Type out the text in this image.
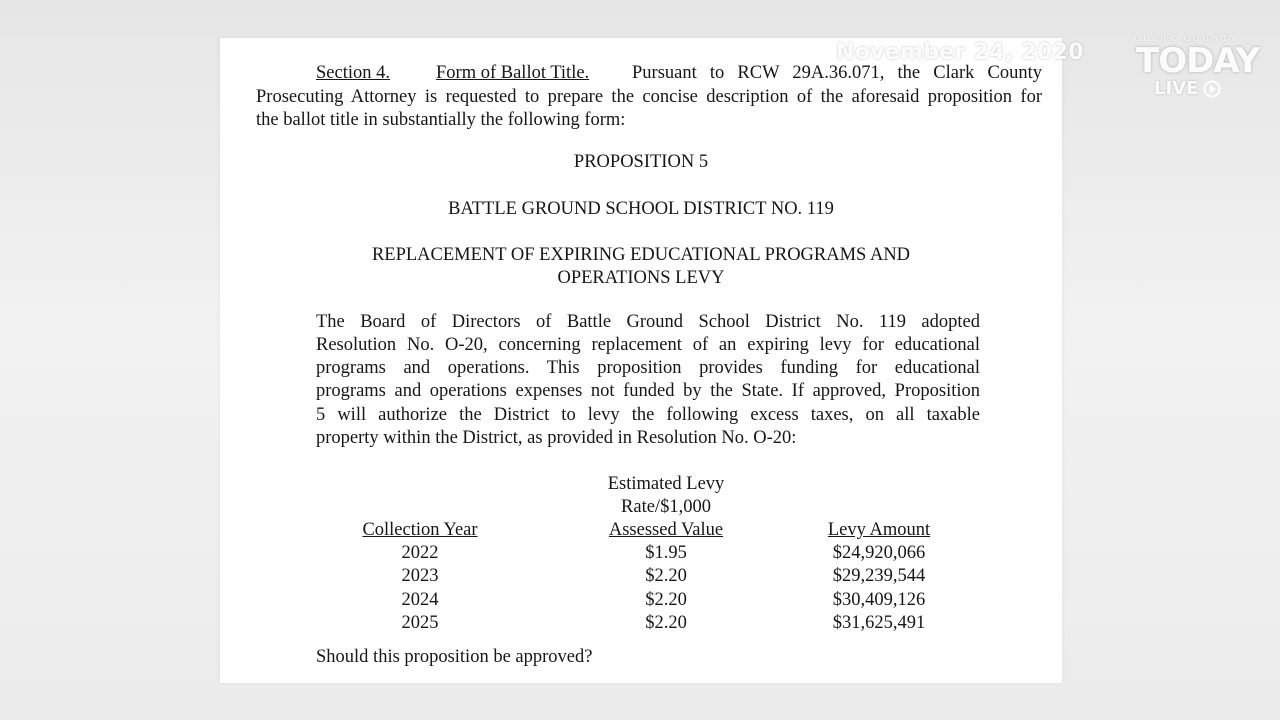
Section 4. Form of Ballot Title. Pursuant to RCW 29A.36.071, the Clark County

Prosecuting Attorney is requested to prepare the concise description of the aforesaid proposition for

the ballot title in substantially the following form:

PROPOSITION 5

BATTLE GROUND SCHOOL DISTRICT NO. 119

REPLACEMENT OF EXPIRING EDUCATIONAL PROGRAMS AND

OPERATIONS LEVY

The Board of Directors of Battle Ground School District No. 119 adopted

Resolution No. O-20, concerning replacement of an expiring levy for educational

programs and operations. This proposition provides funding for educational

programs and operations expenses not funded by the State. If approved, Proposition

5 will authorize the District to levy the following excess taxes, on all taxable

property within the District, as provided in Resolution No. O-20:

Estimated Levy

Rate/$1,000

Collection Year	Assessed Value	Levy Amount

2022	$1.95	$24,920,066

2023	$2.20	$29,239,544

2024	$2.20	$30,409,126

2025	$2.20	$31,625,491

Should this proposition be approved?

November 24, 2020
CLARK COUNTY
TODAY
LIVE
